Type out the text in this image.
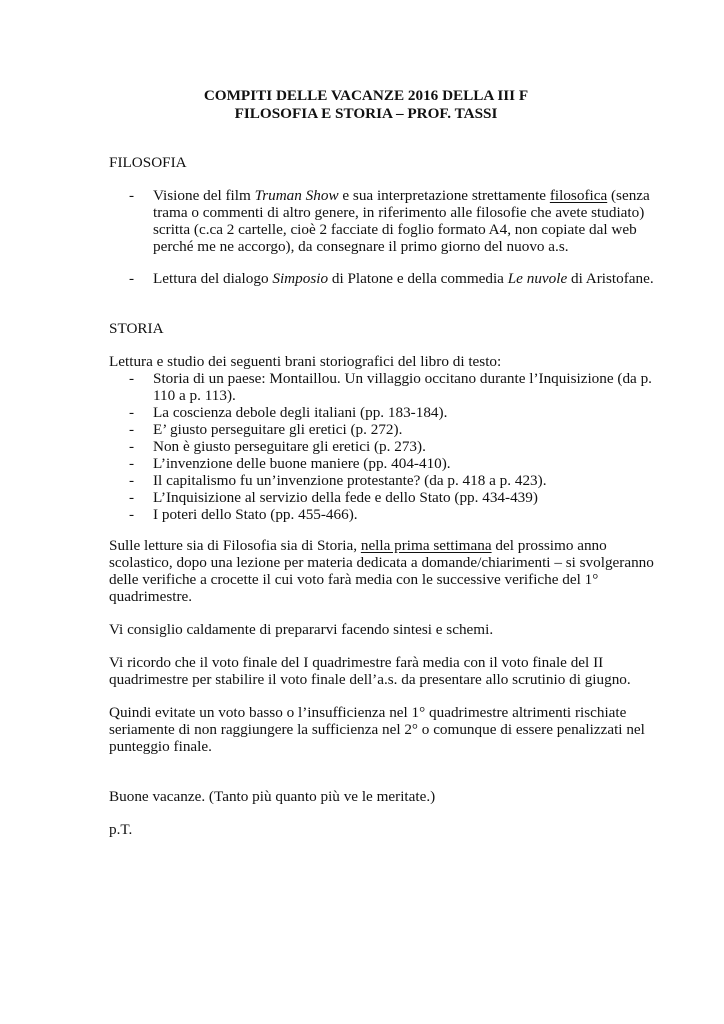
COMPITI DELLE VACANZE 2016 DELLA III F
FILOSOFIA E STORIA – PROF. TASSI
FILOSOFIA
- Visione del film Truman Show e sua interpretazione strettamente filosofica (senza trama o commenti di altro genere, in riferimento alle filosofie che avete studiato) scritta (c.ca 2 cartelle, cioè 2 facciate di foglio formato A4, non copiate dal web perché me ne accorgo), da consegnare il primo giorno del nuovo a.s.
- Lettura del dialogo Simposio di Platone e della commedia Le nuvole di Aristofane.
STORIA
Lettura e studio dei seguenti brani storiografici del libro di testo:
- Storia di un paese: Montaillou. Un villaggio occitano durante l’Inquisizione (da p. 110 a p. 113).
- La coscienza debole degli italiani (pp. 183-184).
- E’ giusto perseguitare gli eretici (p. 272).
- Non è giusto perseguitare gli eretici (p. 273).
- L’invenzione delle buone maniere (pp. 404-410).
- Il capitalismo fu un’invenzione protestante? (da p. 418 a p. 423).
- L’Inquisizione al servizio della fede e dello Stato (pp. 434-439)
- I poteri dello Stato (pp. 455-466).

Sulle letture sia di Filosofia sia di Storia, nella prima settimana del prossimo anno scolastico, dopo una lezione per materia dedicata a domande/chiarimenti – si svolgeranno delle verifiche a crocette il cui voto farà media con le successive verifiche del 1° quadrimestre.

Vi consiglio caldamente di prepararvi facendo sintesi e schemi.

Vi ricordo che il voto finale del I quadrimestre farà media con il voto finale del II quadrimestre per stabilire il voto finale dell’a.s. da presentare allo scrutinio di giugno.

Quindi evitate un voto basso o l’insufficienza nel 1° quadrimestre altrimenti rischiate seriamente di non raggiungere la sufficienza nel 2° o comunque di essere penalizzati nel punteggio finale.

Buone vacanze. (Tanto più quanto più ve le meritate.)

p.T.
